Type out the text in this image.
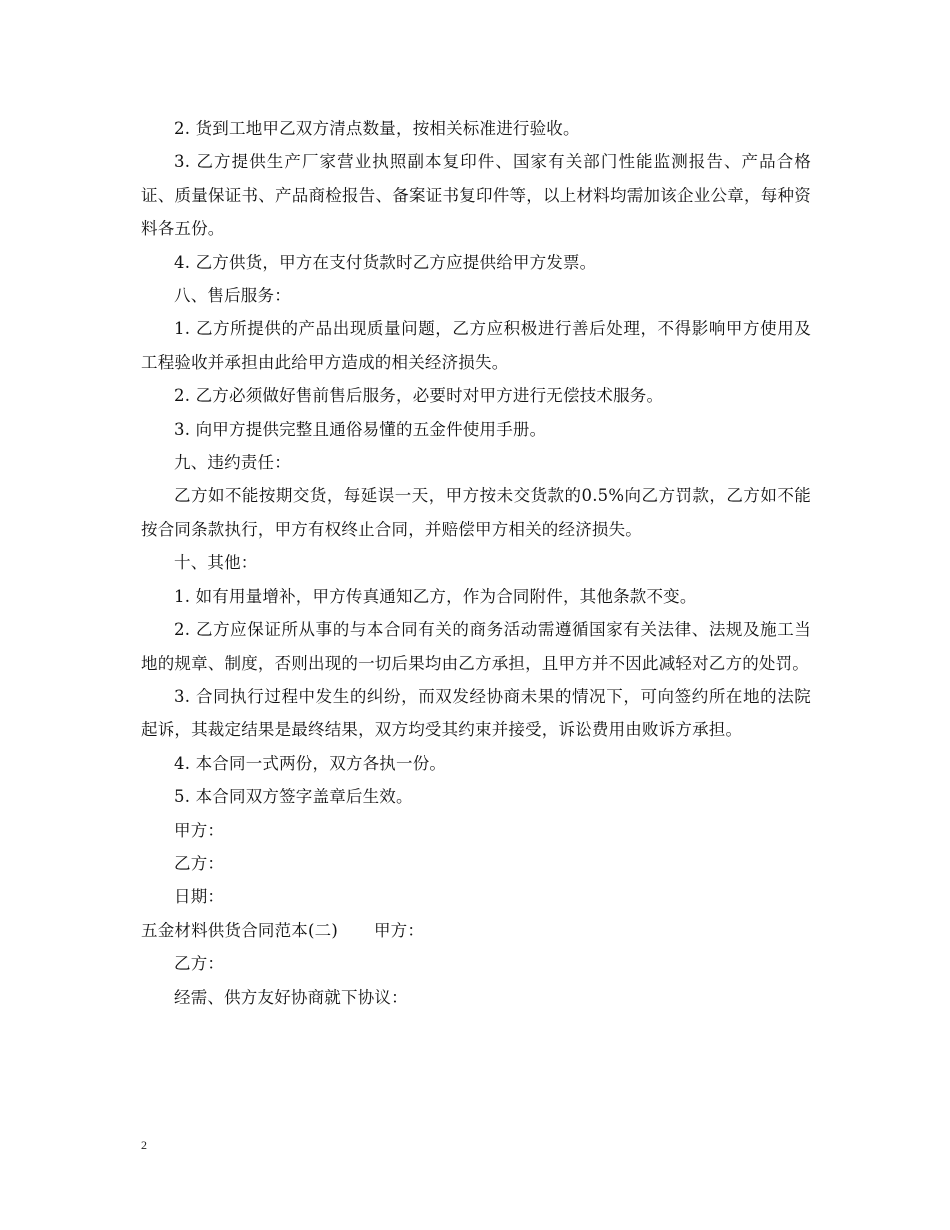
2. 货到工地甲乙双方清点数量，按相关标准进行验收。

3. 乙方提供生产厂家营业执照副本复印件、国家有关部门性能监测报告、产品合格证、质量保证书、产品商检报告、备案证书复印件等，以上材料均需加该企业公章，每种资料各五份。

4. 乙方供货，甲方在支付货款时乙方应提供给甲方发票。

八、售后服务：

1. 乙方所提供的产品出现质量问题，乙方应积极进行善后处理，不得影响甲方使用及工程验收并承担由此给甲方造成的相关经济损失。

2. 乙方必须做好售前售后服务，必要时对甲方进行无偿技术服务。

3. 向甲方提供完整且通俗易懂的五金件使用手册。

九、违约责任：

乙方如不能按期交货，每延误一天，甲方按未交货款的0.5%向乙方罚款，乙方如不能按合同条款执行，甲方有权终止合同，并赔偿甲方相关的经济损失。

十、其他：

1. 如有用量增补，甲方传真通知乙方，作为合同附件，其他条款不变。

2. 乙方应保证所从事的与本合同有关的商务活动需遵循国家有关法律、法规及施工当地的规章、制度，否则出现的一切后果均由乙方承担，且甲方并不因此减轻对乙方的处罚。

3. 合同执行过程中发生的纠纷，而双发经协商未果的情况下，可向签约所在地的法院起诉，其裁定结果是最终结果，双方均受其约束并接受，诉讼费用由败诉方承担。

4. 本合同一式两份，双方各执一份。

5. 本合同双方签字盖章后生效。

甲方：

乙方：

日期：

五金材料供货合同范本(二) 甲方：

乙方：

经需、供方友好协商就下协议：

2
